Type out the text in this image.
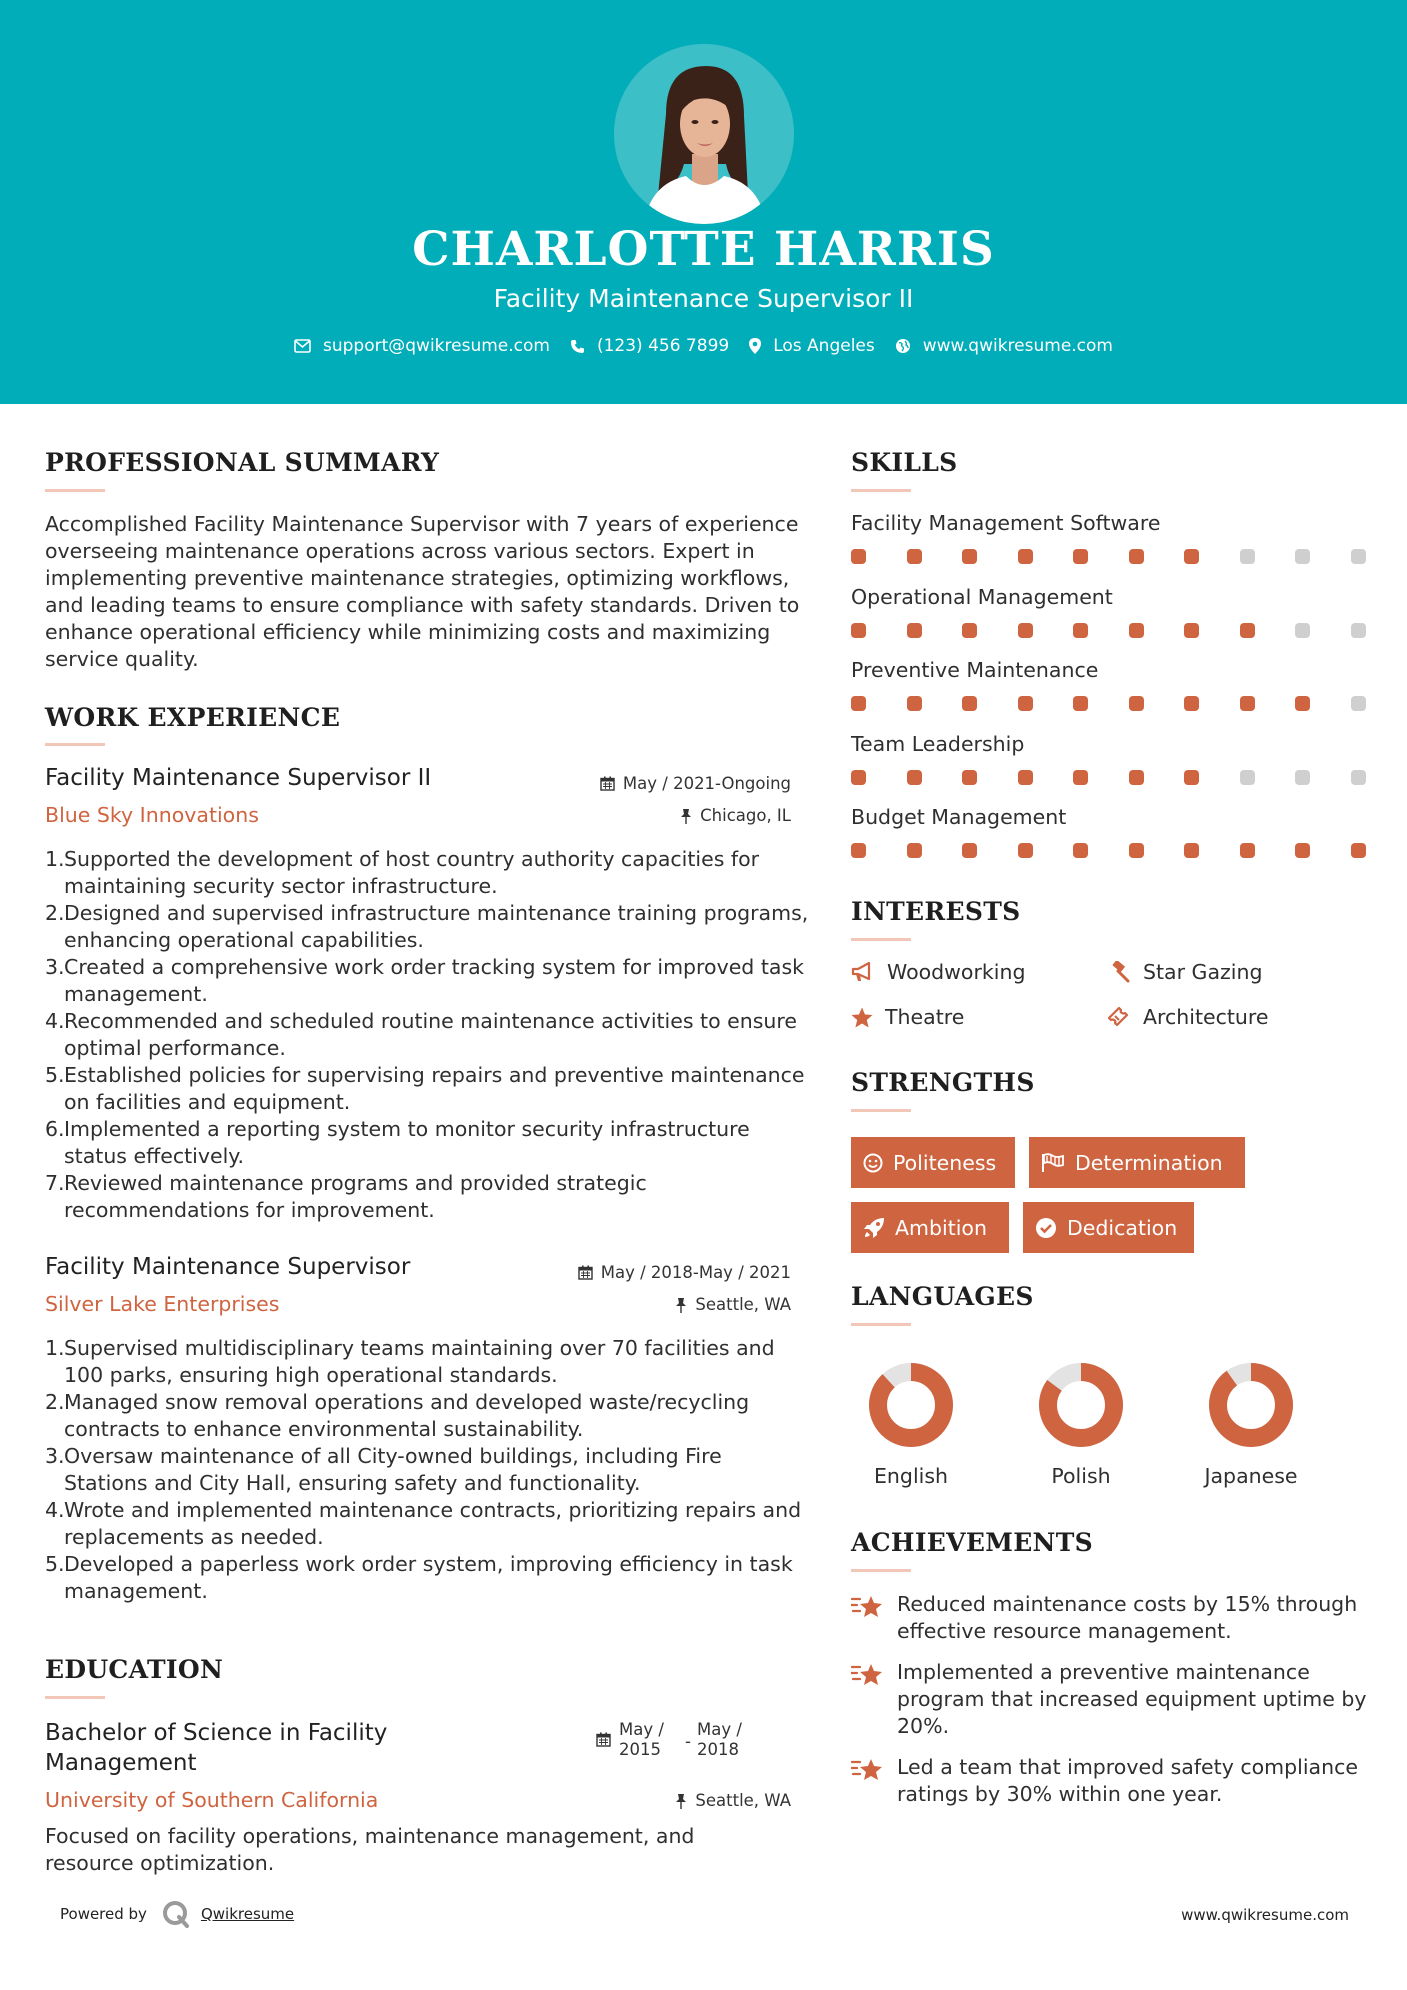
CHARLOTTE HARRIS
Facility Maintenance Supervisor II
support@qwikresume.com	(123) 456 7899	Los Angeles	www.qwikresume.com
PROFESSIONAL SUMMARY
Accomplished Facility Maintenance Supervisor with 7 years of experience overseeing maintenance operations across various sectors. Expert in implementing preventive maintenance strategies, optimizing workflows, and leading teams to ensure compliance with safety standards. Driven to enhance operational efficiency while minimizing costs and maximizing service quality.
WORK EXPERIENCE
Facility Maintenance Supervisor II
Blue Sky Innovations
May / 2021-Ongoing
Chicago, IL
1. Supported the development of host country authority capacities for maintaining security sector infrastructure.
2. Designed and supervised infrastructure maintenance training programs, enhancing operational capabilities.
3. Created a comprehensive work order tracking system for improved task management.
4. Recommended and scheduled routine maintenance activities to ensure optimal performance.
5. Established policies for supervising repairs and preventive maintenance on facilities and equipment.
6. Implemented a reporting system to monitor security infrastructure status effectively.
7. Reviewed maintenance programs and provided strategic recommendations for improvement.
Facility Maintenance Supervisor
Silver Lake Enterprises
May / 2018-May / 2021
Seattle, WA
1. Supervised multidisciplinary teams maintaining over 70 facilities and 100 parks, ensuring high operational standards.
2. Managed snow removal operations and developed waste/recycling contracts to enhance environmental sustainability.
3. Oversaw maintenance of all City-owned buildings, including Fire Stations and City Hall, ensuring safety and functionality.
4. Wrote and implemented maintenance contracts, prioritizing repairs and replacements as needed.
5. Developed a paperless work order system, improving efficiency in task management.
EDUCATION
Bachelor of Science in Facility Management
May / 2015	-
May / 2018
University of Southern California	Seattle, WA
Focused on facility operations, maintenance management, and resource optimization.
SKILLS
Facility Management Software
Operational Management
Preventive Maintenance
Team Leadership
Budget Management
INTERESTS
Woodworking	Star Gazing
Theatre	Architecture
STRENGTHS
Politeness	Determination
Ambition	Dedication
LANGUAGES
English	Polish	Japanese
ACHIEVEMENTS
Reduced maintenance costs by 15% through effective resource management.
Implemented a preventive maintenance program that increased equipment uptime by 20%.
Led a team that improved safety compliance ratings by 30% within one year.
Powered by	Qwikresume	www.qwikresume.com
